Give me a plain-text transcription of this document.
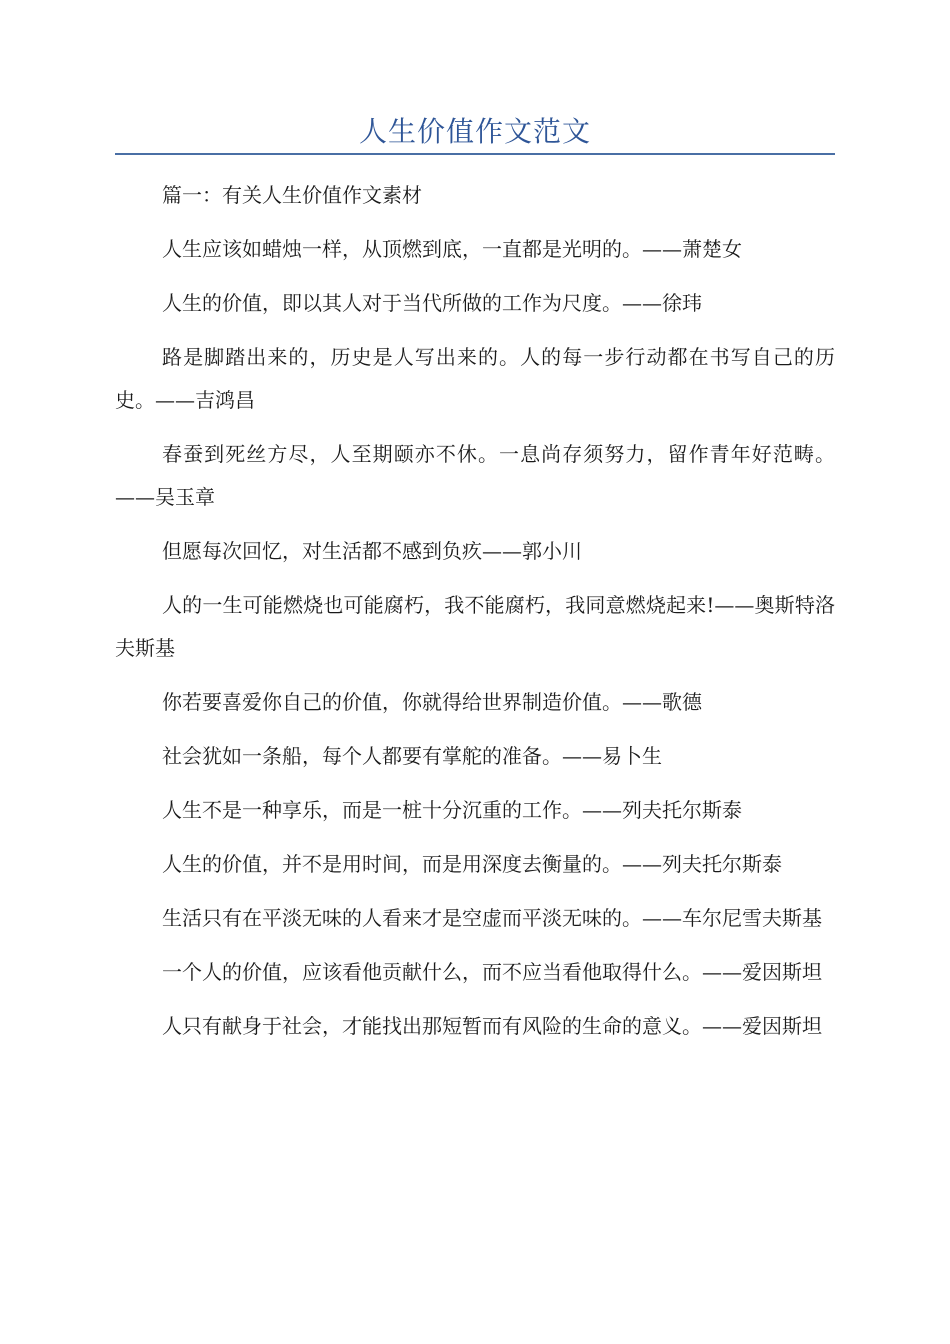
人生价值作文范文

篇一：有关人生价值作文素材

人生应该如蜡烛一样，从顶燃到底，一直都是光明的。——萧楚女

人生的价值，即以其人对于当代所做的工作为尺度。——徐玮

路是脚踏出来的，历史是人写出来的。人的每一步行动都在书写自己的历史。——吉鸿昌

春蚕到死丝方尽，人至期颐亦不休。一息尚存须努力，留作青年好范畴。——吴玉章

但愿每次回忆，对生活都不感到负疚——郭小川

人的一生可能燃烧也可能腐朽，我不能腐朽，我同意燃烧起来!——奥斯特洛夫斯基

你若要喜爱你自己的价值，你就得给世界制造价值。——歌德

社会犹如一条船，每个人都要有掌舵的准备。——易卜生

人生不是一种享乐，而是一桩十分沉重的工作。——列夫托尔斯泰

人生的价值，并不是用时间，而是用深度去衡量的。——列夫托尔斯泰

生活只有在平淡无味的人看来才是空虚而平淡无味的。——车尔尼雪夫斯基

一个人的价值，应该看他贡献什么，而不应当看他取得什么。——爱因斯坦

人只有献身于社会，才能找出那短暂而有风险的生命的意义。——爱因斯坦
